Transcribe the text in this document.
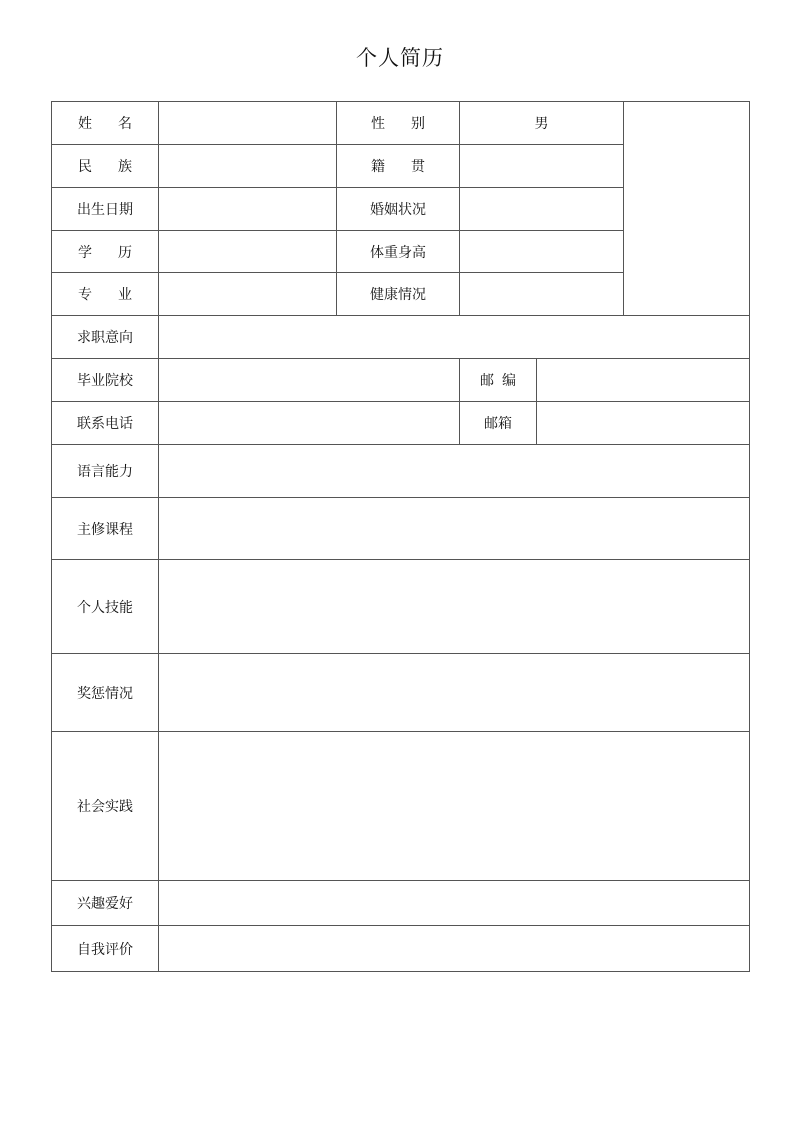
个人简历
姓名		性别	男		
民族		籍贯			
出生日期		婚姻状况			
学历		体重身高			
专业		健康情况			
求职意向					
毕业院校			邮编		
联系电话			邮箱		
语言能力					
主修课程					
个人技能					
奖惩情况					
社会实践					
兴趣爱好					
自我评价					
